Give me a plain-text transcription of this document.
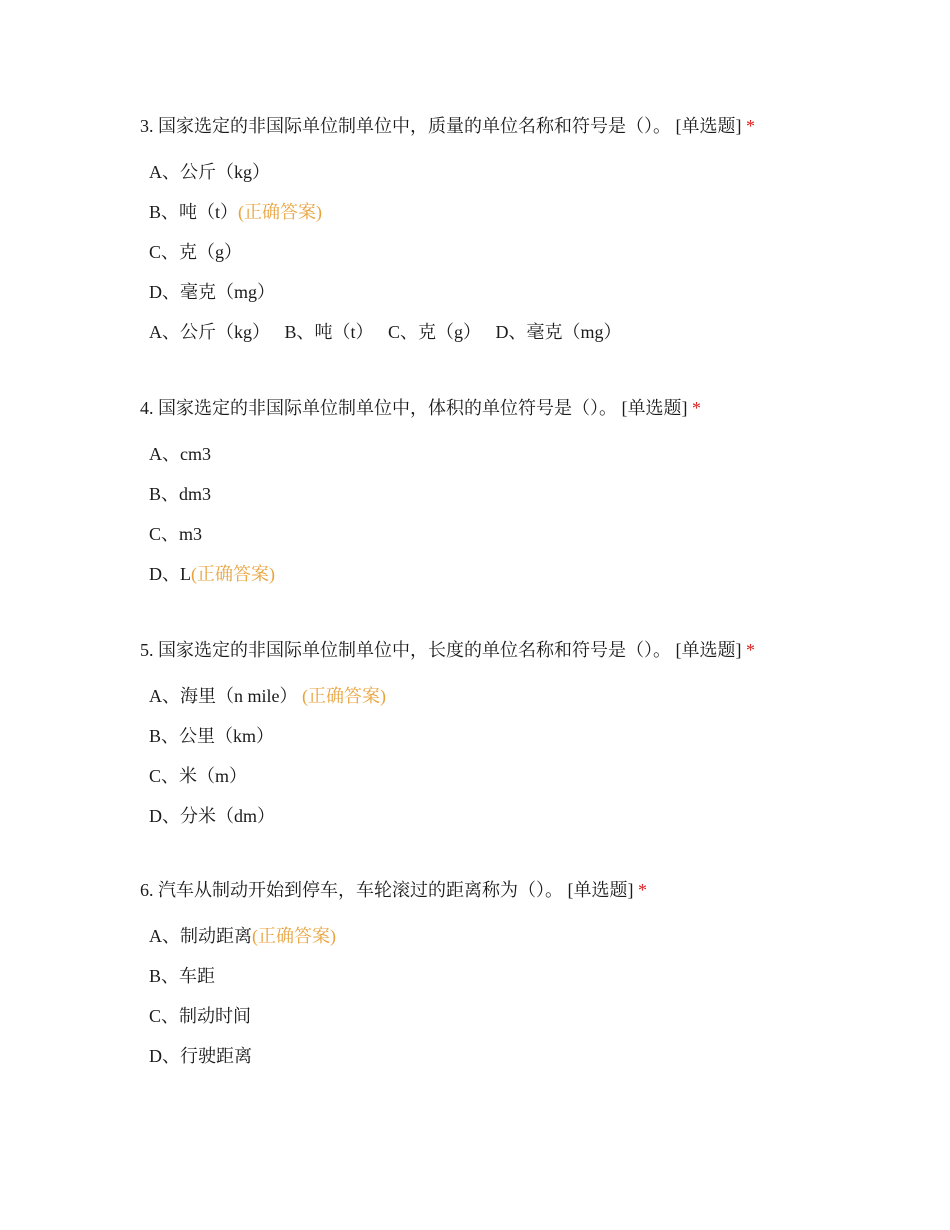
3. 国家选定的非国际单位制单位中，质量的单位名称和符号是（）。 [单选题] *
A、公斤（kg）
B、吨（t）(正确答案)
C、克（g）
D、毫克（mg）
A、公斤（kg） B、吨（t） C、克（g） D、毫克（mg）
4. 国家选定的非国际单位制单位中，体积的单位符号是（）。 [单选题] *
A、cm3
B、dm3
C、m3
D、L(正确答案)
5. 国家选定的非国际单位制单位中，长度的单位名称和符号是（）。 [单选题] *
A、海里（n mile） (正确答案)
B、公里（km）
C、米（m）
D、分米（dm）
6. 汽车从制动开始到停车，车轮滚过的距离称为（）。 [单选题] *
A、制动距离(正确答案)
B、车距
C、制动时间
D、行驶距离
